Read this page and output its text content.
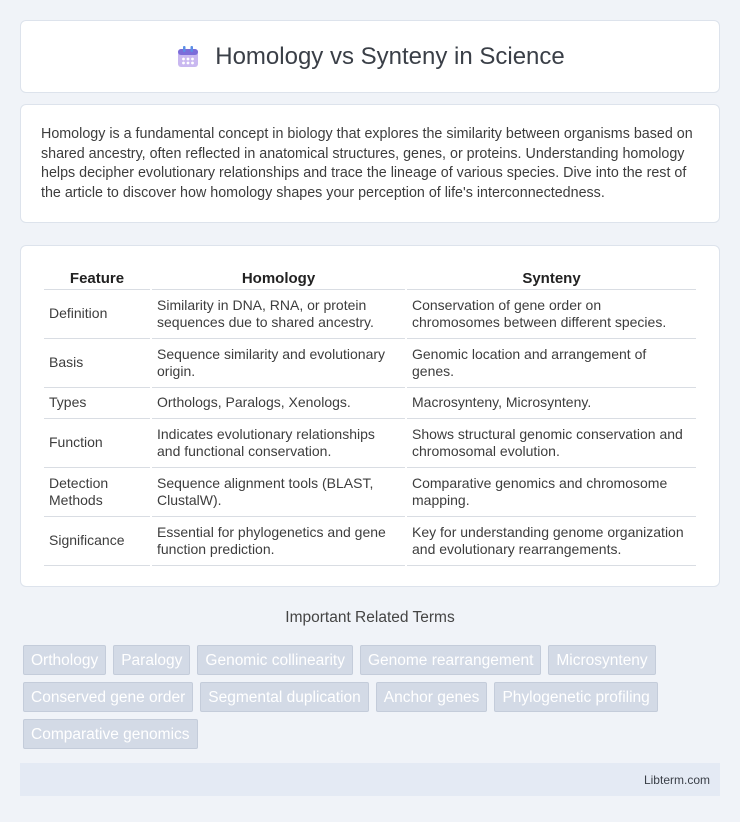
Homology vs Synteny in Science

Homology is a fundamental concept in biology that explores the similarity between organisms based on shared ancestry, often reflected in anatomical structures, genes, or proteins. Understanding homology helps decipher evolutionary relationships and trace the lineage of various species. Dive into the rest of the article to discover how homology shapes your perception of life's interconnectedness.

Feature	Homology	Synteny
Definition	Similarity in DNA, RNA, or protein sequences due to shared ancestry.	Conservation of gene order on chromosomes between different species.
Basis	Sequence similarity and evolutionary origin.	Genomic location and arrangement of genes.
Types	Orthologs, Paralogs, Xenologs.	Macrosynteny, Microsynteny.
Function	Indicates evolutionary relationships and functional conservation.	Shows structural genomic conservation and chromosomal evolution.
Detection Methods	Sequence alignment tools (BLAST, ClustalW).	Comparative genomics and chromosome mapping.
Significance	Essential for phylogenetics and gene function prediction.	Key for understanding genome organization and evolutionary rearrangements.
Important Related Terms
Orthology	Paralogy	Genomic collinearity	Genome rearrangement	Microsynteny
Conserved gene order	Segmental duplication	Anchor genes	Phylogenetic profiling
Comparative genomics
Libterm.com
